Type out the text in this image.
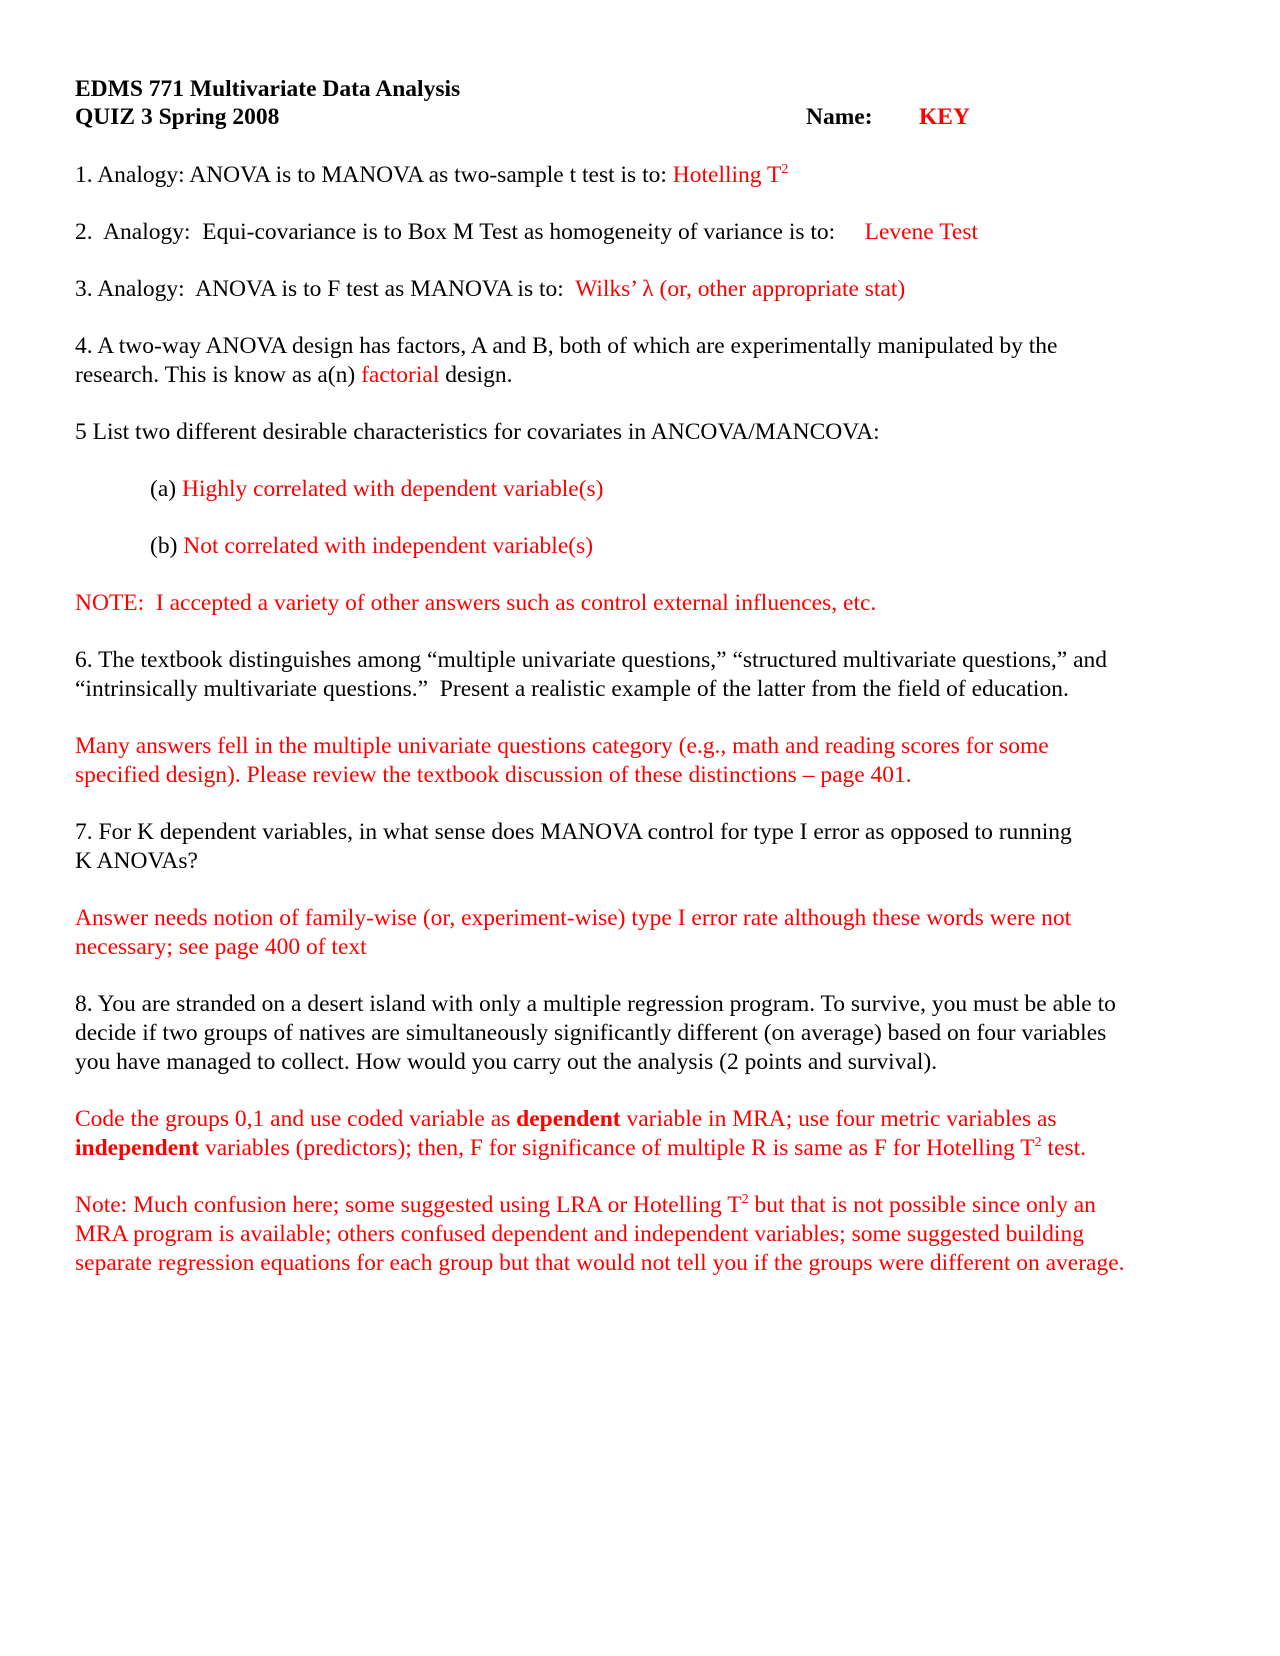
EDMS 771 Multivariate Data Analysis
QUIZ 3 Spring 2008	Name: KEY
1. Analogy: ANOVA is to MANOVA as two-sample t test is to: Hotelling $T^2$
2.  Analogy:  Equi-covariance is to Box M Test as homogeneity of variance is to:     Levene Test
3. Analogy:  ANOVA is to F test as MANOVA is to:  Wilks’ λ (or, other appropriate stat)
4. A two-way ANOVA design has factors, A and B, both of which are experimentally manipulated by the
research. This is know as a(n) factorial design.
5 List two different desirable characteristics for covariates in ANCOVA/MANCOVA:
(a) Highly correlated with dependent variable(s)
(b) Not correlated with independent variable(s)
NOTE:  I accepted a variety of other answers such as control external influences, etc.
6. The textbook distinguishes among “multiple univariate questions,” “structured multivariate questions,” and
“intrinsically multivariate questions.”  Present a realistic example of the latter from the field of education.
Many answers fell in the multiple univariate questions category (e.g., math and reading scores for some
specified design). Please review the textbook discussion of these distinctions – page 401.
7. For K dependent variables, in what sense does MANOVA control for type I error as opposed to running
K ANOVAs?
Answer needs notion of family-wise (or, experiment-wise) type I error rate although these words were not
necessary; see page 400 of text
8. You are stranded on a desert island with only a multiple regression program. To survive, you must be able to
decide if two groups of natives are simultaneously significantly different (on average) based on four variables
you have managed to collect. How would you carry out the analysis (2 points and survival).
Code the groups 0,1 and use coded variable as dependent variable in MRA; use four metric variables as
independent variables (predictors); then, F for significance of multiple R is same as F for Hotelling $T^2$ test.
Note: Much confusion here; some suggested using LRA or Hotelling $T^2$ but that is not possible since only an
MRA program is available; others confused dependent and independent variables; some suggested building
separate regression equations for each group but that would not tell you if the groups were different on average.
